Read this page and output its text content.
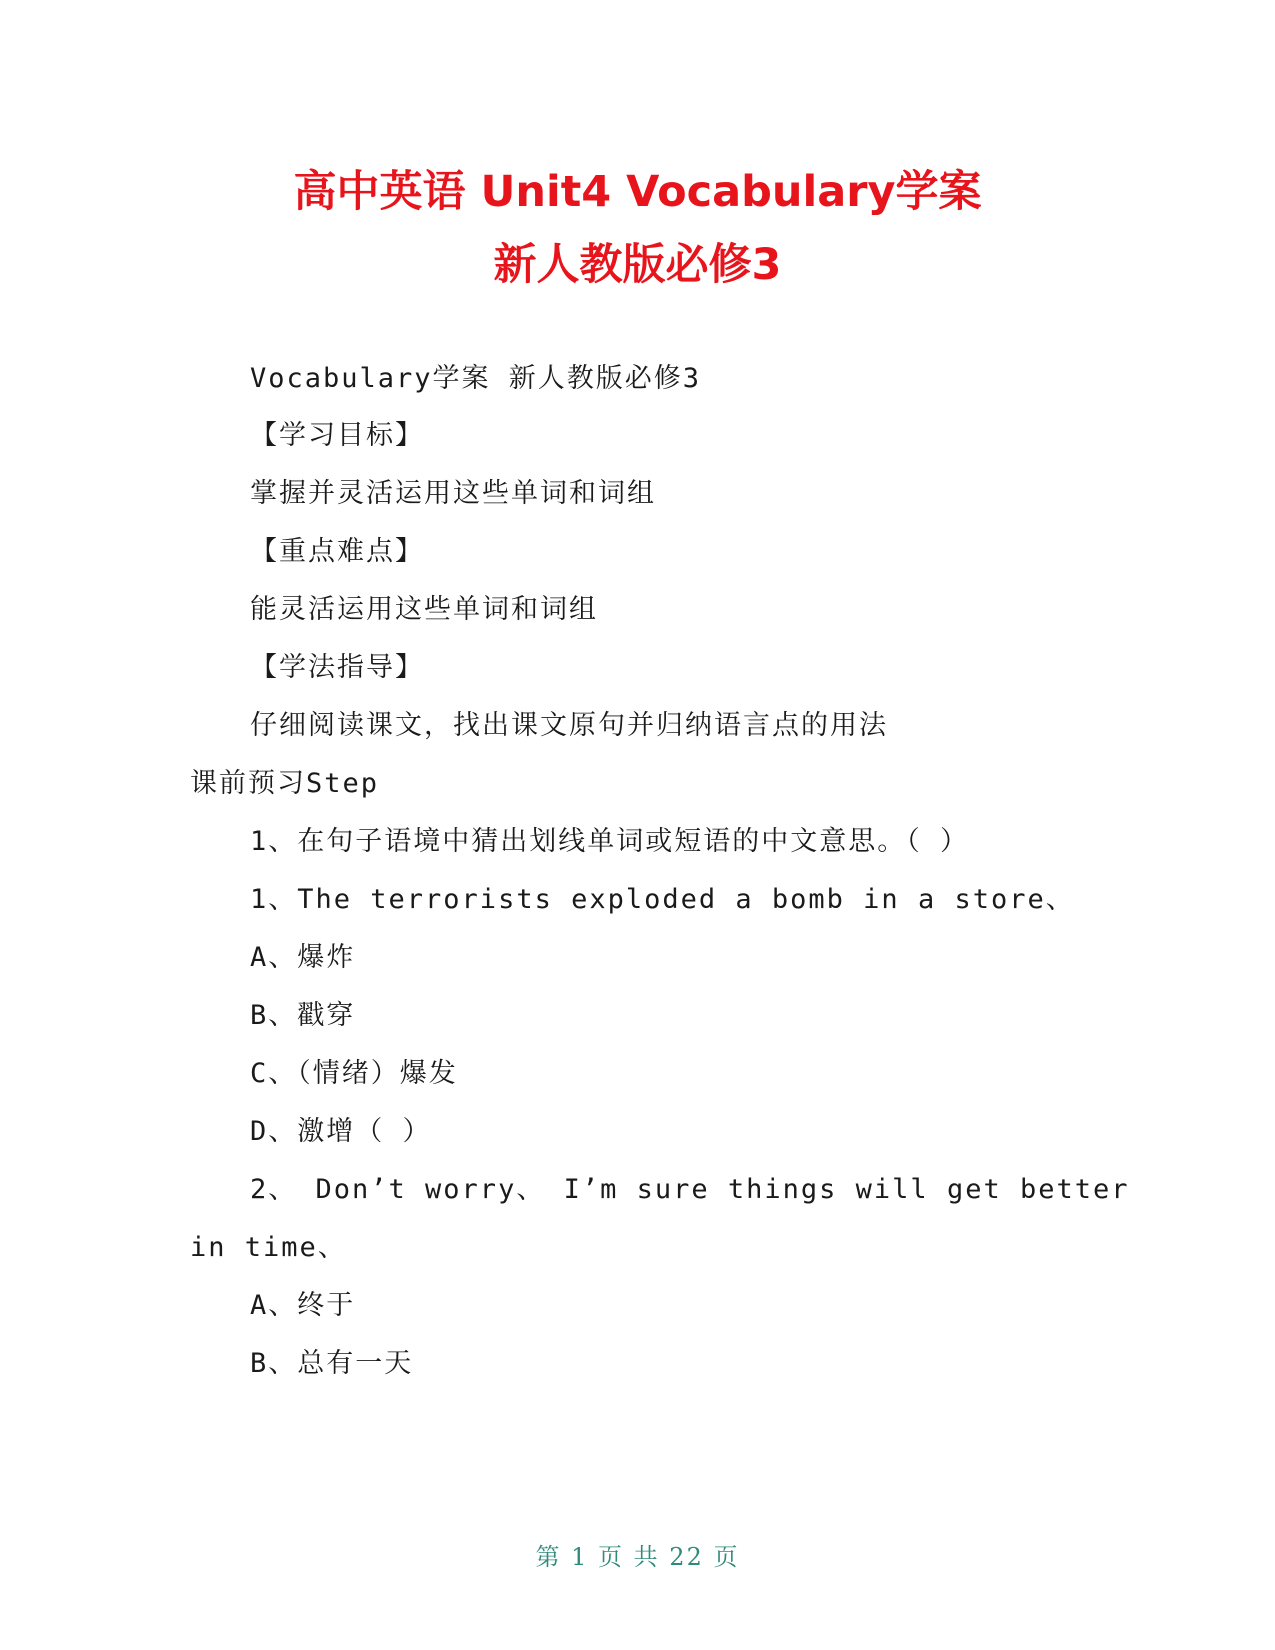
高中英语 Unit4 Vocabulary学案
新人教版必修3
Vocabulary学案 新人教版必修3
【学习目标】
掌握并灵活运用这些单词和词组
【重点难点】
能灵活运用这些单词和词组
【学法指导】
仔细阅读课文，找出课文原句并归纳语言点的用法
课前预习Step
1、在句子语境中猜出划线单词或短语的中文意思。（ ）
1、The terrorists exploded a bomb in a store、
A、爆炸
B、戳穿
C、（情绪）爆发
D、激增（ ）
2、 Don’t worry、 I’m sure things will get better
in time、
A、终于
B、总有一天
第 1 页 共 22 页
